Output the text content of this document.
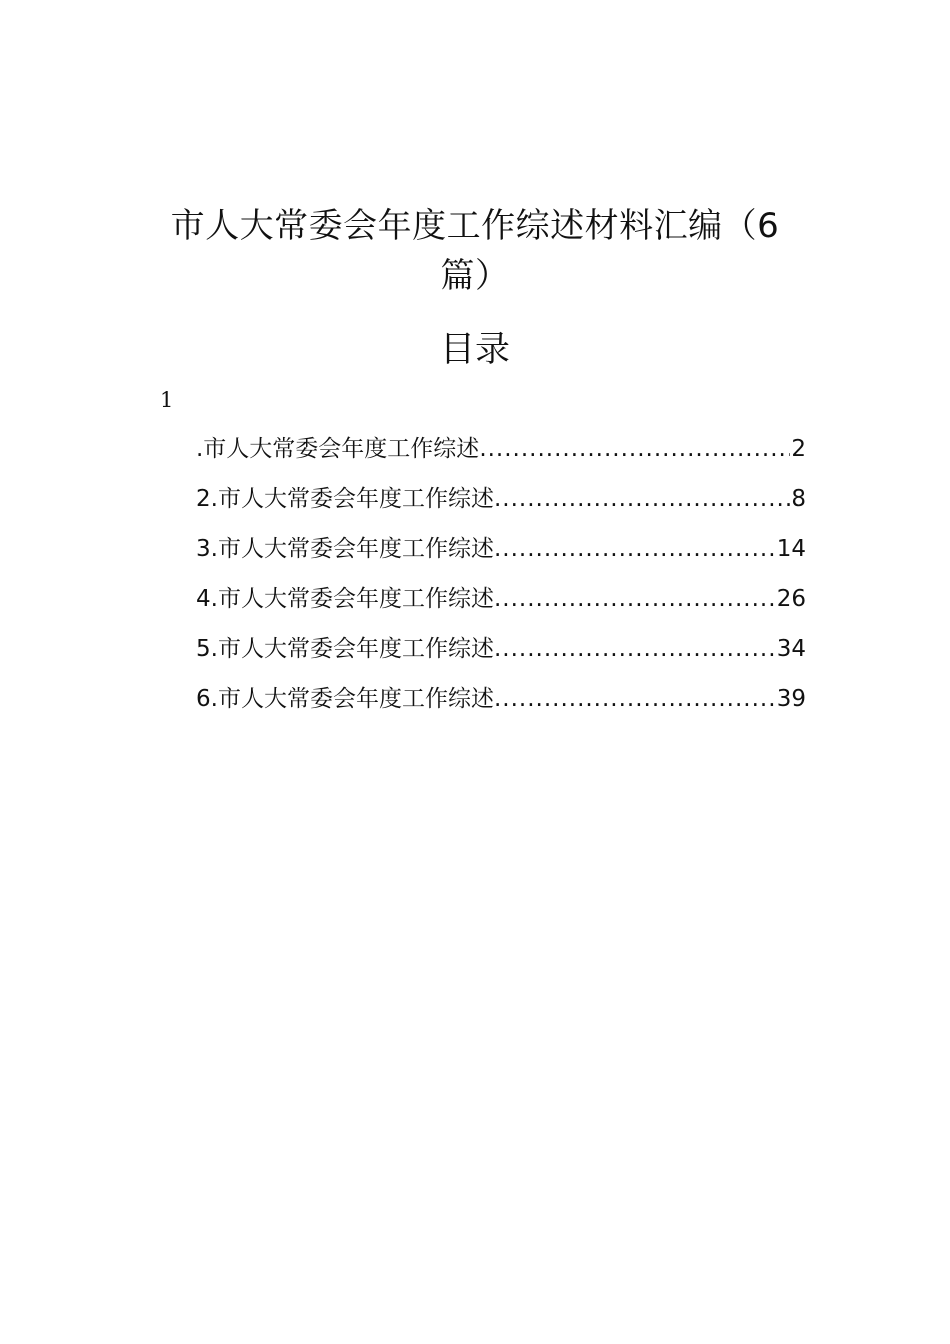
市人大常委会年度工作综述材料汇编（6篇）
目录
1
.市人大常委会年度工作综述 .....	2
2.市人大常委会年度工作综述 .....	8
3.市人大常委会年度工作综述 .....	14
4.市人大常委会年度工作综述 .....	26
5.市人大常委会年度工作综述 .....	34
6.市人大常委会年度工作综述 .....	39
